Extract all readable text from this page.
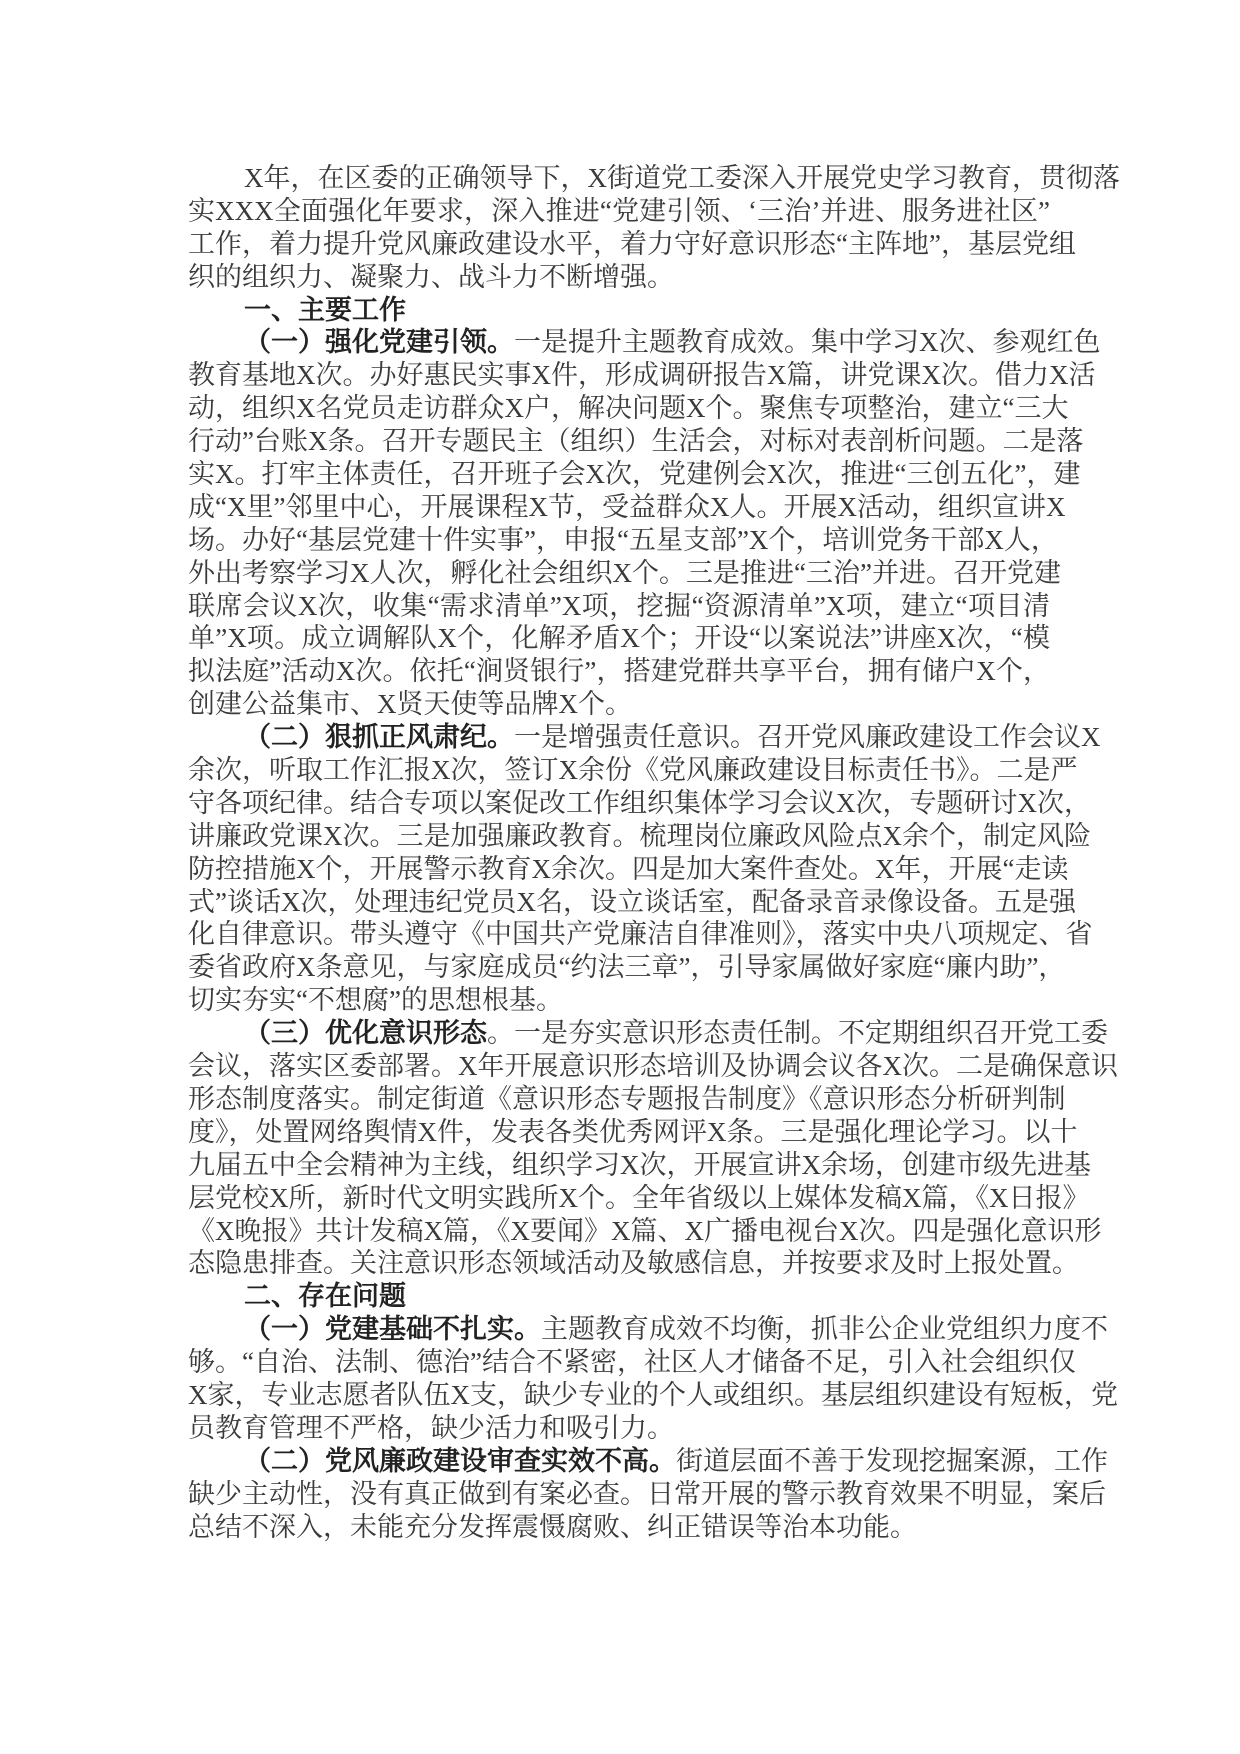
X年，在区委的正确领导下，X街道党工委深入开展党史学习教育，贯彻落
实XXX全面强化年要求，深入推进“党建引领、‘三治’并进、服务进社区”
工作，着力提升党风廉政建设水平，着力守好意识形态“主阵地”，基层党组
织的组织力、凝聚力、战斗力不断增强。
一、主要工作
（一）强化党建引领。一是提升主题教育成效。集中学习X次、参观红色
教育基地X次。办好惠民实事X件，形成调研报告X篇，讲党课X次。借力X活
动，组织X名党员走访群众X户，解决问题X个。聚焦专项整治，建立“三大
行动”台账X条。召开专题民主（组织）生活会，对标对表剖析问题。二是落
实X。打牢主体责任，召开班子会X次，党建例会X次，推进“三创五化”，建
成“X里”邻里中心，开展课程X节，受益群众X人。开展X活动，组织宣讲X
场。办好“基层党建十件实事”，申报“五星支部”X个，培训党务干部X人，
外出考察学习X人次，孵化社会组织X个。三是推进“三治”并进。召开党建
联席会议X次，收集“需求清单”X项，挖掘“资源清单”X项，建立“项目清
单”X项。成立调解队X个，化解矛盾X个；开设“以案说法”讲座X次，“模
拟法庭”活动X次。依托“涧贤银行”，搭建党群共享平台，拥有储户X个，
创建公益集市、X贤天使等品牌X个。
（二）狠抓正风肃纪。一是增强责任意识。召开党风廉政建设工作会议X
余次，听取工作汇报X次，签订X余份《党风廉政建设目标责任书》。二是严
守各项纪律。结合专项以案促改工作组织集体学习会议X次，专题研讨X次，
讲廉政党课X次。三是加强廉政教育。梳理岗位廉政风险点X余个，制定风险
防控措施X个，开展警示教育X余次。四是加大案件查处。X年，开展“走读
式”谈话X次，处理违纪党员X名，设立谈话室，配备录音录像设备。五是强
化自律意识。带头遵守《中国共产党廉洁自律准则》，落实中央八项规定、省
委省政府X条意见，与家庭成员“约法三章”，引导家属做好家庭“廉内助”，
切实夯实“不想腐”的思想根基。
（三）优化意识形态。一是夯实意识形态责任制。不定期组织召开党工委
会议，落实区委部署。X年开展意识形态培训及协调会议各X次。二是确保意识
形态制度落实。制定街道《意识形态专题报告制度》《意识形态分析研判制
度》，处置网络舆情X件，发表各类优秀网评X条。三是强化理论学习。以十
九届五中全会精神为主线，组织学习X次，开展宣讲X余场，创建市级先进基
层党校X所，新时代文明实践所X个。全年省级以上媒体发稿X篇，《X日报》
《X晚报》共计发稿X篇，《X要闻》X篇、X广播电视台X次。四是强化意识形
态隐患排查。关注意识形态领域活动及敏感信息，并按要求及时上报处置。
二、存在问题
（一）党建基础不扎实。主题教育成效不均衡，抓非公企业党组织力度不
够。“自治、法制、德治”结合不紧密，社区人才储备不足，引入社会组织仅
X家，专业志愿者队伍X支，缺少专业的个人或组织。基层组织建设有短板，党
员教育管理不严格，缺少活力和吸引力。
（二）党风廉政建设审查实效不高。街道层面不善于发现挖掘案源，工作
缺少主动性，没有真正做到有案必查。日常开展的警示教育效果不明显，案后
总结不深入，未能充分发挥震慑腐败、纠正错误等治本功能。
